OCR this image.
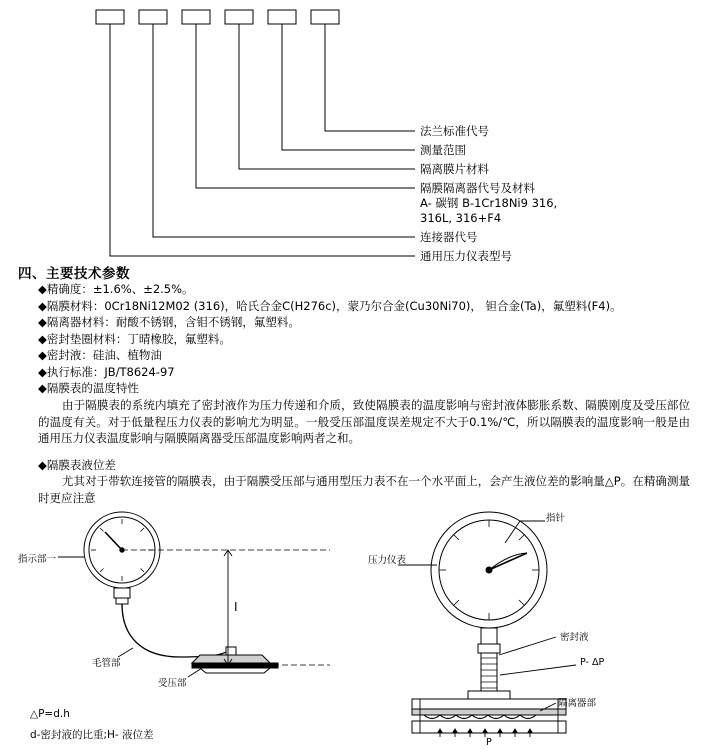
法兰标准代号
测量范围
隔离膜片材料
隔膜隔离器代号及材料
A- 碳钢 B-1Cr18Ni9 316,
316L, 316+F4
连接器代号
通用压力仪表型号
四、主要技术参数
◆精确度：±1.6%、±2.5%。
◆隔膜材料：0Cr18Ni12M02 (316)，哈氏合金C(H276c)，蒙乃尔合金(Cu30Ni70)， 钽合金(Ta)，氟塑料(F4)。
◆隔离器材料：耐酸不锈钢，含钼不锈钢，氟塑料。
◆密封垫圈材料：丁晴橡胶，氟塑料。
◆密封液：硅油、植物油
◆执行标准：JB/T8624-97
◆隔膜表的温度特性
由于隔膜表的系统内填充了密封液作为压力传递和介质，致使隔膜表的温度影响与密封液体膨胀系数、隔膜刚度及受压部位的温度有关。对于低量程压力仪表的影响尤为明显。一般受压部温度误差规定不大于0.1%/℃，所以隔膜表的温度影响一般是由通用压力仪表温度影响与隔膜隔离器受压部温度影响两者之和。
◆隔膜表液位差
尤其对于带软连接管的隔膜表，由于隔膜受压部与通用型压力表不在一个水平面上，会产生液位差的影响量△P。在精确测量时更应注意
指示部一
毛管部
受压部
I
指针
压力仪表
密封液
P- ΔP
隔离器部
P
△P=d.h
d-密封液的比重;H- 液位差
